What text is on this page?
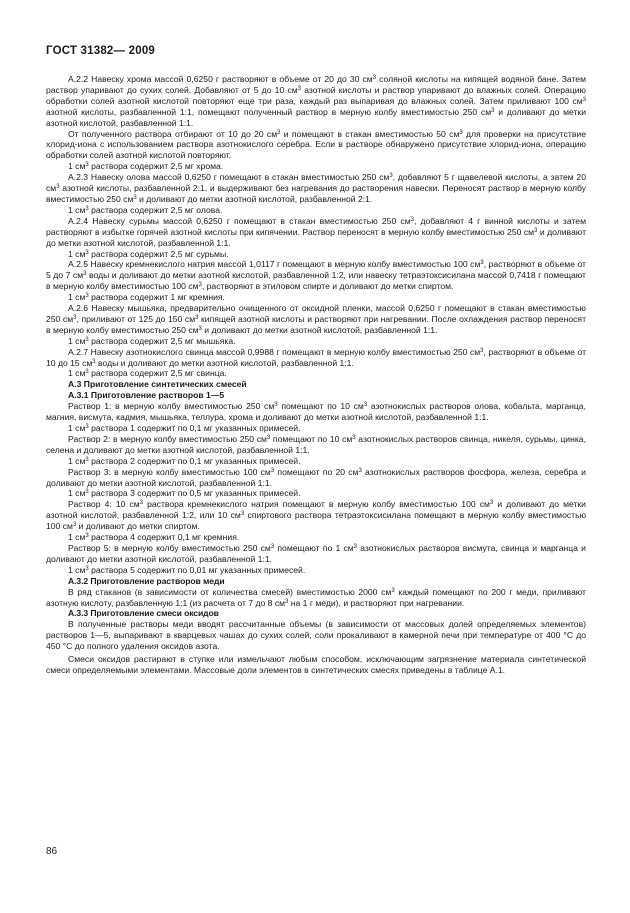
ГОСТ 31382— 2009

А.2.2 Навеску хрома массой 0,6250 г растворяют в объеме от 20 до 30 $см^3$ соляной кислоты на кипящей водяной бане. Затем раствор упаривают до сухих солей. Добавляют от 5 до 10 $см^3$ азотной кислоты и раствор упаривают до влажных солей. Операцию обработки солей азотной кислотой повторяют еще три раза, каждый раз выпаривая до влажных солей. Затем приливают 100 $см^3$ азотной кислоты, разбавленной 1:1, помещают полученный раствор в мерную колбу вместимостью 250 $см^3$ и доливают до метки азотной кислотой, разбавленной 1:1.

От полученного раствора отбирают от 10 до 20 $см^3$ и помещают в стакан вместимостью 50 $см^3$ для проверки на присутствие хлорид-иона с использованием раствора азотнокислого серебра. Если в растворе обнаружено присутствие хлорид-иона, операцию обработки солей азотной кислотой повторяют.

1 $см^3$ раствора содержит 2,5 мг хрома.

А.2.3 Навеску олова массой 0,6250 г помещают в стакан вместимостью 250 $см^3$, добавляют 5 г щавелевой кислоты, а затем 20 $см^3$ азотной кислоты, разбавленной 2:1, и выдерживают без нагревания до растворения навески. Переносят раствор в мерную колбу вместимостью 250 $см^3$ и доливают до метки азотной кислотой, разбавленной 2:1.

1 $см^3$ раствора содержит 2,5 мг олова.

А.2.4 Навеску сурьмы массой 0,6250 г помещают в стакан вместимостью 250 $см^3$, добавляют 4 г винной кислоты и затем растворяют в избытке горячей азотной кислоты при кипячении. Раствор переносят в мерную колбу вместимостью 250 $см^3$ и доливают до метки азотной кислотой, разбавленной 1:1.

1 $см^3$ раствора содержит 2,5 мг сурьмы.

А.2.5 Навеску кремнекислого натрия массой 1,0117 г помещают в мерную колбу вместимостью 100 $см^3$, растворяют в объеме от 5 до 7 $см^3$ воды и доливают до метки азотной кислотой, разбавленной 1:2, или навеску тетраэтоксисилана массой 0,7418 г помещают в мерную колбу вместимостью 100 $см^3$, растворяют в этиловом спирте и доливают до метки спиртом.

1 $см^3$ раствора содержит 1 мг кремния.

А.2.6 Навеску мышьяка, предварительно очищенного от оксидной пленки, массой 0,6250 г помещают в стакан вместимостью 250 $см^3$, приливают от 125 до 150 $см^3$ кипящей азотной кислоты и растворяют при нагревании. После охлаждения раствор переносят в мерную колбу вместимостью 250 $см^3$ и доливают до метки азотной кислотой, разбавленной 1:1.

1 $см^3$ раствора содержит 2,5 мг мышьяка.

А.2.7 Навеску азотнокислого свинца массой 0,9988 г помещают в мерную колбу вместимостью 250 $см^3$, растворяют в объеме от 10 до 15 $см^3$ воды и доливают до метки азотной кислотой, разбавленной 1:1.

1 $см^3$ раствора содержит 2,5 мг свинца.

А.3 Приготовление синтетических смесей

А.3.1 Приготовление растворов 1—5

Раствор 1: в мерную колбу вместимостью 250 $см^3$ помещают по 10 $см^3$ азотнокислых растворов олова, кобальта, марганца, магния, висмута, кадмия, мышьяка, теллура, хрома и доливают до метки азотной кислотой, разбавленной 1:1.

1 $см^3$ раствора 1 содержит по 0,1 мг указанных примесей.

Раствор 2: в мерную колбу вместимостью 250 $см^3$ помещают по 10 $см^3$ азотнокислых растворов свинца, никеля, сурьмы, цинка, селена и доливают до метки азотной кислотой, разбавленной 1:1.

1 $см^3$ раствора 2 содержит по 0,1 мг указанных примесей.

Раствор 3: в мерную колбу вместимостью 100 $см^3$ помещают по 20 $см^3$ азотнокислых растворов фосфора, железа, серебра и доливают до метки азотной кислотой, разбавленной 1:1.

1 $см^3$ раствора 3 содержит по 0,5 мг указанных примесей.

Раствор 4: 10 $см^3$ раствора кремнекислого натрия помещают в мерную колбу вместимостью 100 $см^3$ и доливают до метки азотной кислотой, разбавленной 1:2, или 10 $см^3$ спиртового раствора тетраэтоксисилана помещают в мерную колбу вместимостью 100 $см^3$ и доливают до метки спиртом.

1 $см^3$ раствора 4 содержит 0,1 мг кремния.

Раствор 5: в мерную колбу вместимостью 250 $см^3$ помещают по 1 $см^3$ азотнокислых растворов висмута, свинца и марганца и доливают до метки азотной кислотой, разбавленной 1:1.

1 $см^3$ раствора 5 содержит по 0,01 мг указанных примесей.

А.3.2 Приготовление растворов меди

В ряд стаканов (в зависимости от количества смесей) вместимостью 2000 $см^3$ каждый помещают по 200 г меди, приливают азотную кислоту, разбавленную 1:1 (из расчета от 7 до 8 $см^3$ на 1 г меди), и растворяют при нагревании.

А.3.3 Приготовление смеси оксидов

В полученные растворы меди вводят рассчитанные объемы (в зависимости от массовых долей определяемых элементов) растворов 1—5, выпаривают в кварцевых чашах до сухих солей, соли прокаливают в камерной печи при температуре от 400 °С до 450 °С до полного удаления оксидов азота.

Смеси оксидов растирают в ступке или измельчают любым способом, исключающим загрязнение материала синтетической смеси определяемыми элементами. Массовые доли элементов в синтетических смесях приведены в таблице А.1.

86
